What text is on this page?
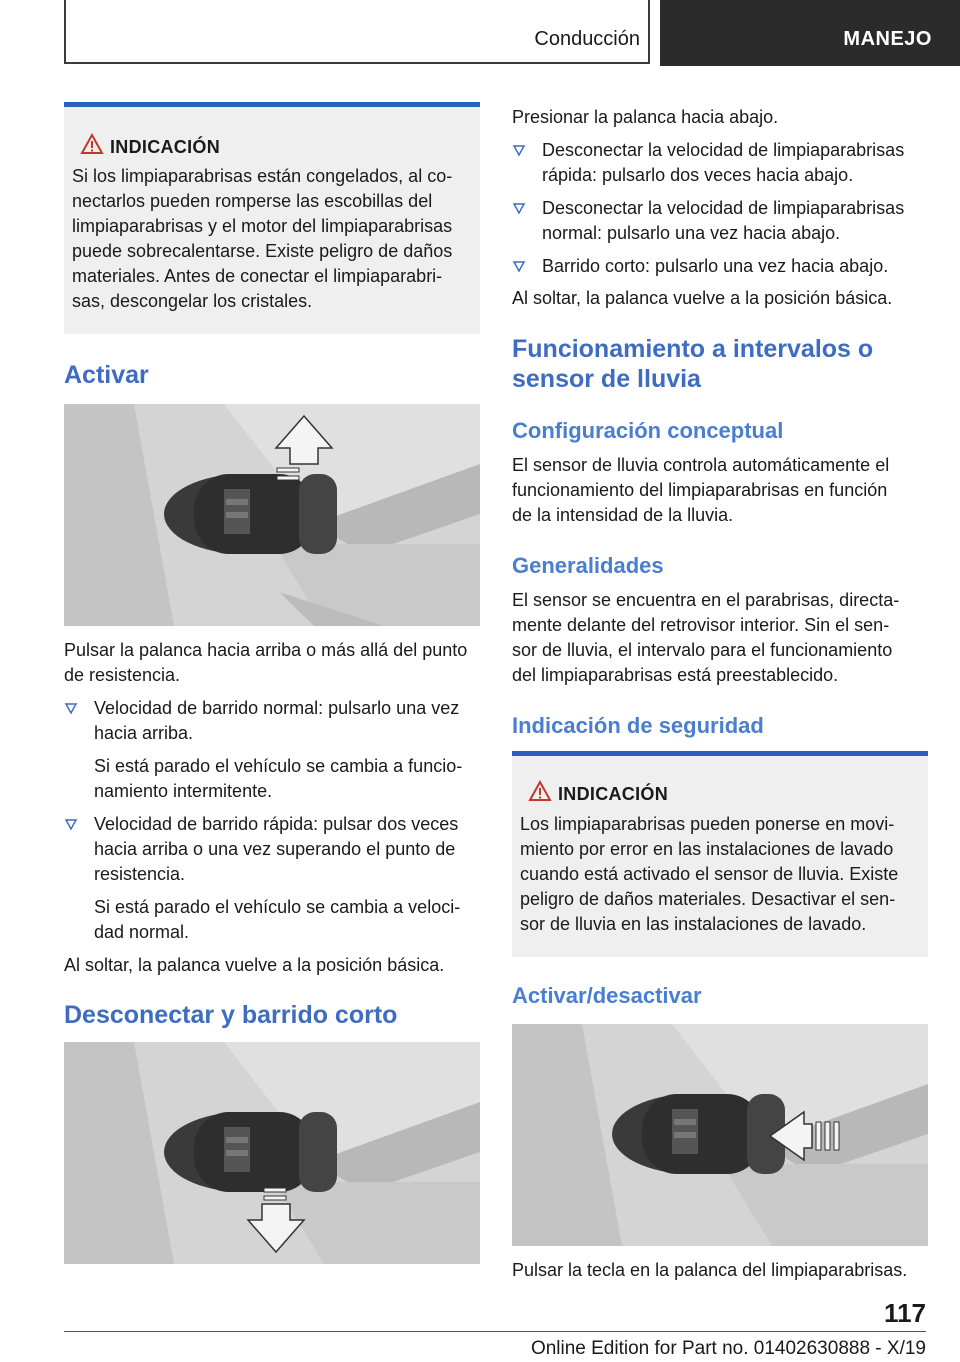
Conducción	MANEJO
INDICACIÓN
Si los limpiaparabrisas están congelados, al co‐
nectarlos pueden romperse las escobillas del
limpiaparabrisas y el motor del limpiaparabrisas
puede sobrecalentarse. Existe peligro de daños
materiales. Antes de conectar el limpiaparabri‐
sas, descongelar los cristales.
Activar
Pulsar la palanca hacia arriba o más allá del punto
de resistencia.
Velocidad de barrido normal: pulsarlo una vez
hacia arriba.
Si está parado el vehículo se cambia a funcio‐
namiento intermitente.
Velocidad de barrido rápida: pulsar dos veces
hacia arriba o una vez superando el punto de
resistencia.
Si está parado el vehículo se cambia a veloci‐
dad normal.
Al soltar, la palanca vuelve a la posición básica.
Desconectar y barrido corto
Presionar la palanca hacia abajo.
Desconectar la velocidad de limpiaparabrisas
rápida: pulsarlo dos veces hacia abajo.
Desconectar la velocidad de limpiaparabrisas
normal: pulsarlo una vez hacia abajo.
Barrido corto: pulsarlo una vez hacia abajo.
Al soltar, la palanca vuelve a la posición básica.
Funcionamiento a intervalos o
sensor de lluvia
Configuración conceptual
El sensor de lluvia controla automáticamente el
funcionamiento del limpiaparabrisas en función
de la intensidad de la lluvia.
Generalidades
El sensor se encuentra en el parabrisas, directa‐
mente delante del retrovisor interior. Sin el sen‐
sor de lluvia, el intervalo para el funcionamiento
del limpiaparabrisas está preestablecido.
Indicación de seguridad
INDICACIÓN
Los limpiaparabrisas pueden ponerse en movi‐
miento por error en las instalaciones de lavado
cuando está activado el sensor de lluvia. Existe
peligro de daños materiales. Desactivar el sen‐
sor de lluvia en las instalaciones de lavado.
Activar/desactivar
Pulsar la tecla en la palanca del limpiaparabrisas.
117
Online Edition for Part no. 01402630888 - X/19
